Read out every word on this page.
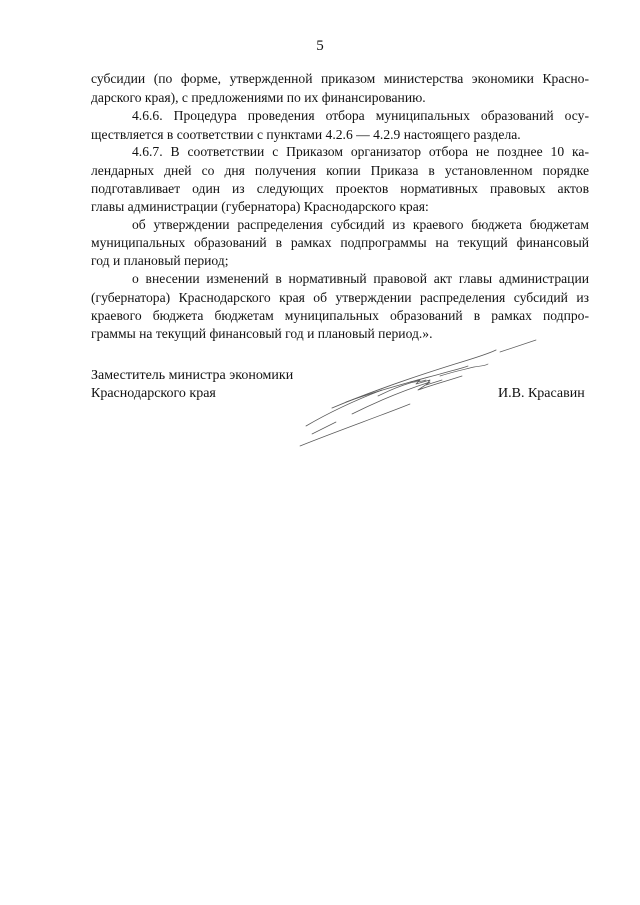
5
субсидии (по форме, утвержденной приказом министерства экономики Красно-
дарского края), с предложениями по их финансированию.
4.6.6. Процедура проведения отбора муниципальных образований осу-
ществляется в соответствии с пунктами 4.2.6 — 4.2.9 настоящего раздела.
4.6.7. В соответствии с Приказом организатор отбора не позднее 10 ка-
лендарных дней со дня получения копии Приказа в установленном порядке
подготавливает один из следующих проектов нормативных правовых актов
главы администрации (губернатора) Краснодарского края:
об утверждении распределения субсидий из краевого бюджета бюджетам
муниципальных образований в рамках подпрограммы на текущий финансовый
год и плановый период;
о внесении изменений в нормативный правовой акт главы администрации
(губернатора) Краснодарского края об утверждении распределения субсидий из
краевого бюджета бюджетам муниципальных образований в рамках подпро-
граммы на текущий финансовый год и плановый период.».
Заместитель министра экономики
Краснодарского края	И.В. Красавин
